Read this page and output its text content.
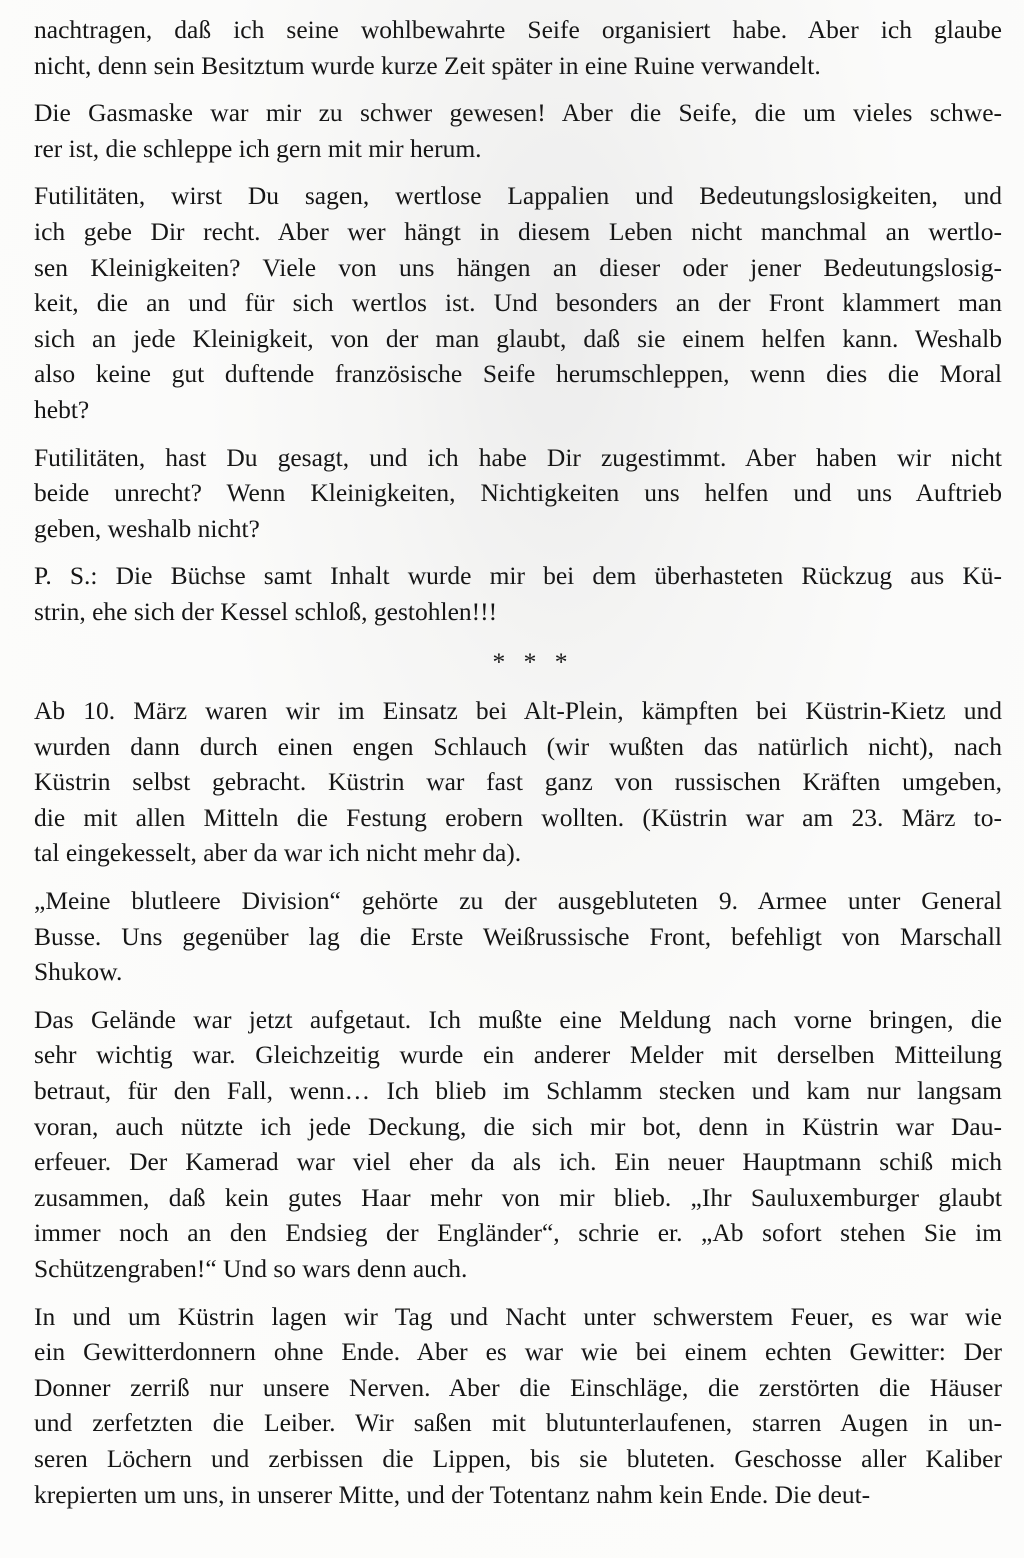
nachtragen, daß ich seine wohlbewahrte Seife organisiert habe. Aber ich glaube
nicht, denn sein Besitztum wurde kurze Zeit später in eine Ruine verwandelt.
Die Gasmaske war mir zu schwer gewesen! Aber die Seife, die um vieles schwe-
rer ist, die schleppe ich gern mit mir herum.
Futilitäten, wirst Du sagen, wertlose Lappalien und Bedeutungslosigkeiten, und
ich gebe Dir recht. Aber wer hängt in diesem Leben nicht manchmal an wertlo-
sen Kleinigkeiten? Viele von uns hängen an dieser oder jener Bedeutungslosig-
keit, die an und für sich wertlos ist. Und besonders an der Front klammert man
sich an jede Kleinigkeit, von der man glaubt, daß sie einem helfen kann. Weshalb
also keine gut duftende französische Seife herumschleppen, wenn dies die Moral
hebt?
Futilitäten, hast Du gesagt, und ich habe Dir zugestimmt. Aber haben wir nicht
beide unrecht? Wenn Kleinigkeiten, Nichtigkeiten uns helfen und uns Auftrieb
geben, weshalb nicht?
P. S.: Die Büchse samt Inhalt wurde mir bei dem überhasteten Rückzug aus Kü-
strin, ehe sich der Kessel schloß, gestohlen!!!
* * *
Ab 10. März waren wir im Einsatz bei Alt-Plein, kämpften bei Küstrin-Kietz und
wurden dann durch einen engen Schlauch (wir wußten das natürlich nicht), nach
Küstrin selbst gebracht. Küstrin war fast ganz von russischen Kräften umgeben,
die mit allen Mitteln die Festung erobern wollten. (Küstrin war am 23. März to-
tal eingekesselt, aber da war ich nicht mehr da).
„Meine blutleere Division“ gehörte zu der ausgebluteten 9. Armee unter General
Busse. Uns gegenüber lag die Erste Weißrussische Front, befehligt von Marschall
Shukow.
Das Gelände war jetzt aufgetaut. Ich mußte eine Meldung nach vorne bringen, die
sehr wichtig war. Gleichzeitig wurde ein anderer Melder mit derselben Mitteilung
betraut, für den Fall, wenn… Ich blieb im Schlamm stecken und kam nur langsam
voran, auch nützte ich jede Deckung, die sich mir bot, denn in Küstrin war Dau-
erfeuer. Der Kamerad war viel eher da als ich. Ein neuer Hauptmann schiß mich
zusammen, daß kein gutes Haar mehr von mir blieb. „Ihr Sauluxemburger glaubt
immer noch an den Endsieg der Engländer“, schrie er. „Ab sofort stehen Sie im
Schützengraben!“ Und so wars denn auch.
In und um Küstrin lagen wir Tag und Nacht unter schwerstem Feuer, es war wie
ein Gewitterdonnern ohne Ende. Aber es war wie bei einem echten Gewitter: Der
Donner zerriß nur unsere Nerven. Aber die Einschläge, die zerstörten die Häuser
und zerfetzten die Leiber. Wir saßen mit blutunterlaufenen, starren Augen in un-
seren Löchern und zerbissen die Lippen, bis sie bluteten. Geschosse aller Kaliber
krepierten um uns, in unserer Mitte, und der Totentanz nahm kein Ende. Die deut-
